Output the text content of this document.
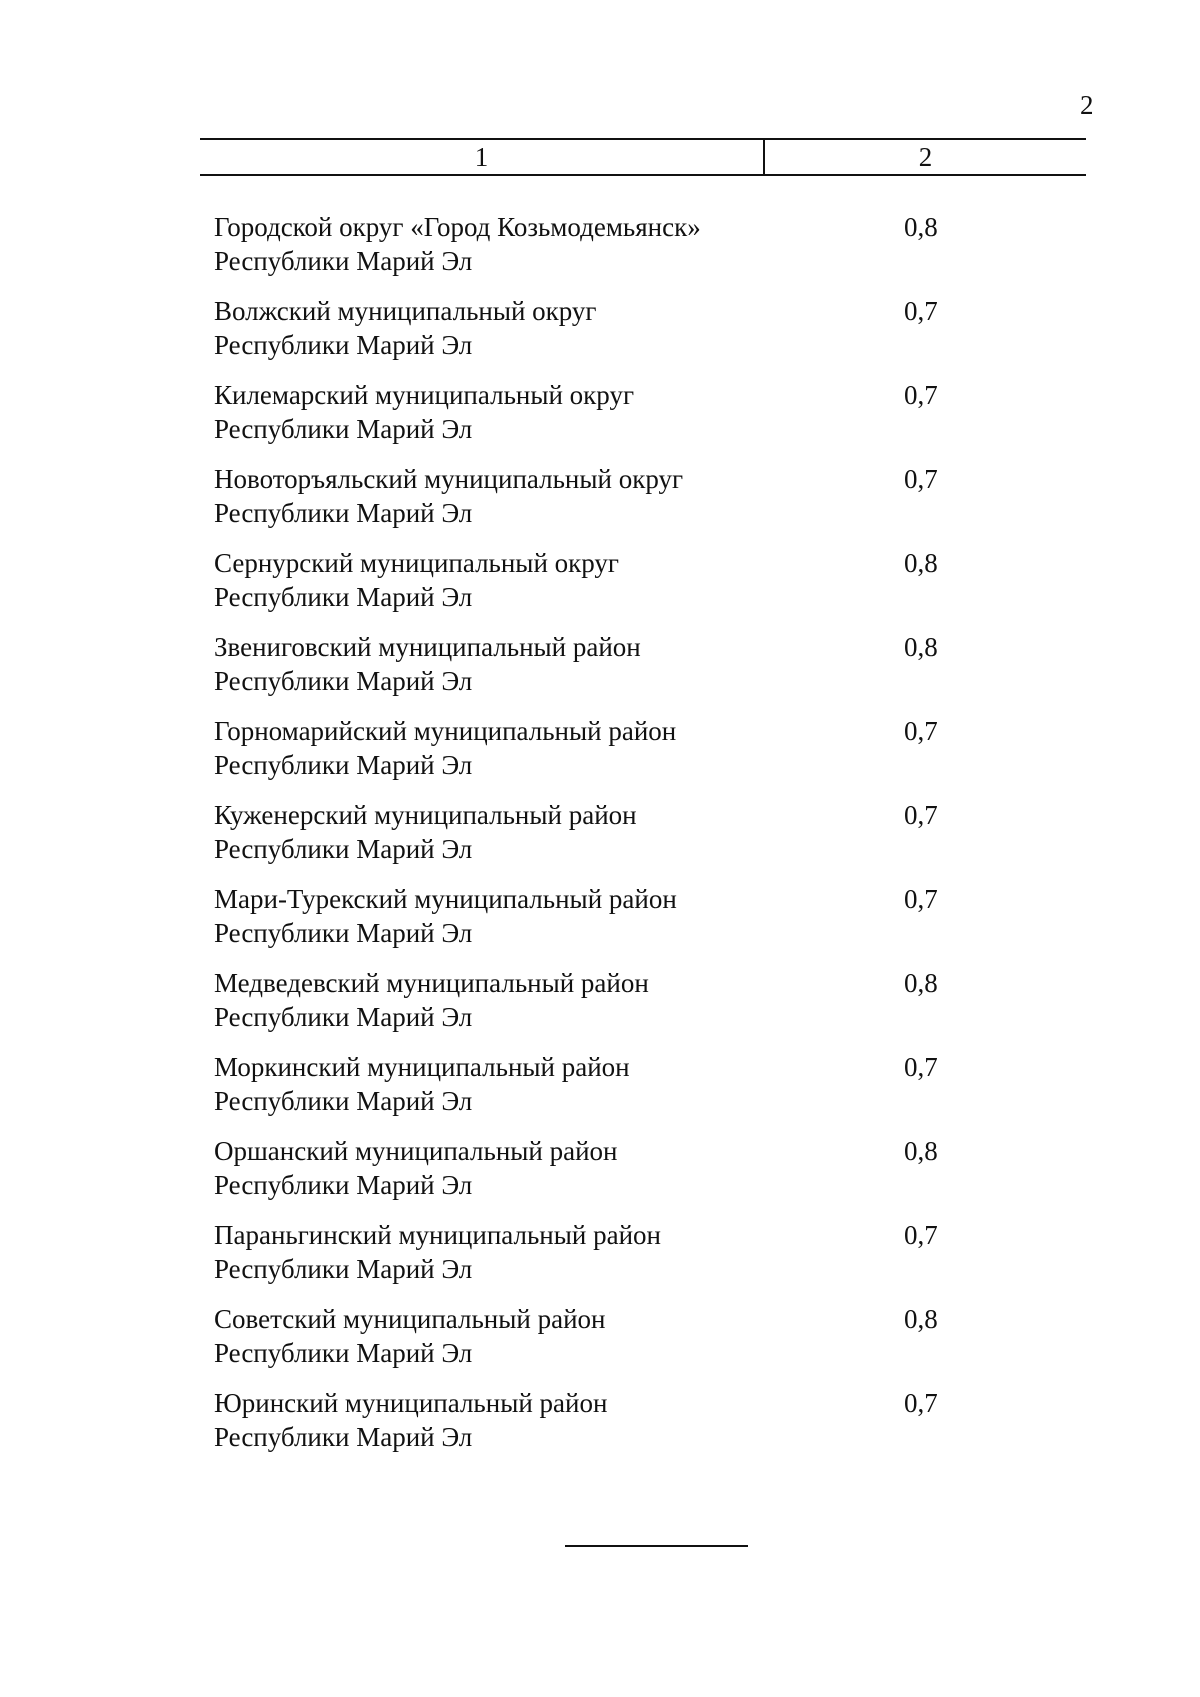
2
1	2
Городской округ «Город Козьмодемьянск»
Республики Марий Эл
0,8
Волжский муниципальный округ
Республики Марий Эл
0,7
Килемарский муниципальный округ
Республики Марий Эл
0,7
Новоторъяльский муниципальный округ
Республики Марий Эл
0,7
Сернурский муниципальный округ
Республики Марий Эл
0,8
Звениговский муниципальный район
Республики Марий Эл
0,8
Горномарийский муниципальный район
Республики Марий Эл
0,7
Куженерский муниципальный район
Республики Марий Эл
0,7
Мари-Турекский муниципальный район
Республики Марий Эл
0,7
Медведевский муниципальный район
Республики Марий Эл
0,8
Моркинский муниципальный район
Республики Марий Эл
0,7
Оршанский муниципальный район
Республики Марий Эл
0,8
Параньгинский муниципальный район
Республики Марий Эл
0,7
Советский муниципальный район
Республики Марий Эл
0,8
Юринский муниципальный район
Республики Марий Эл
0,7
